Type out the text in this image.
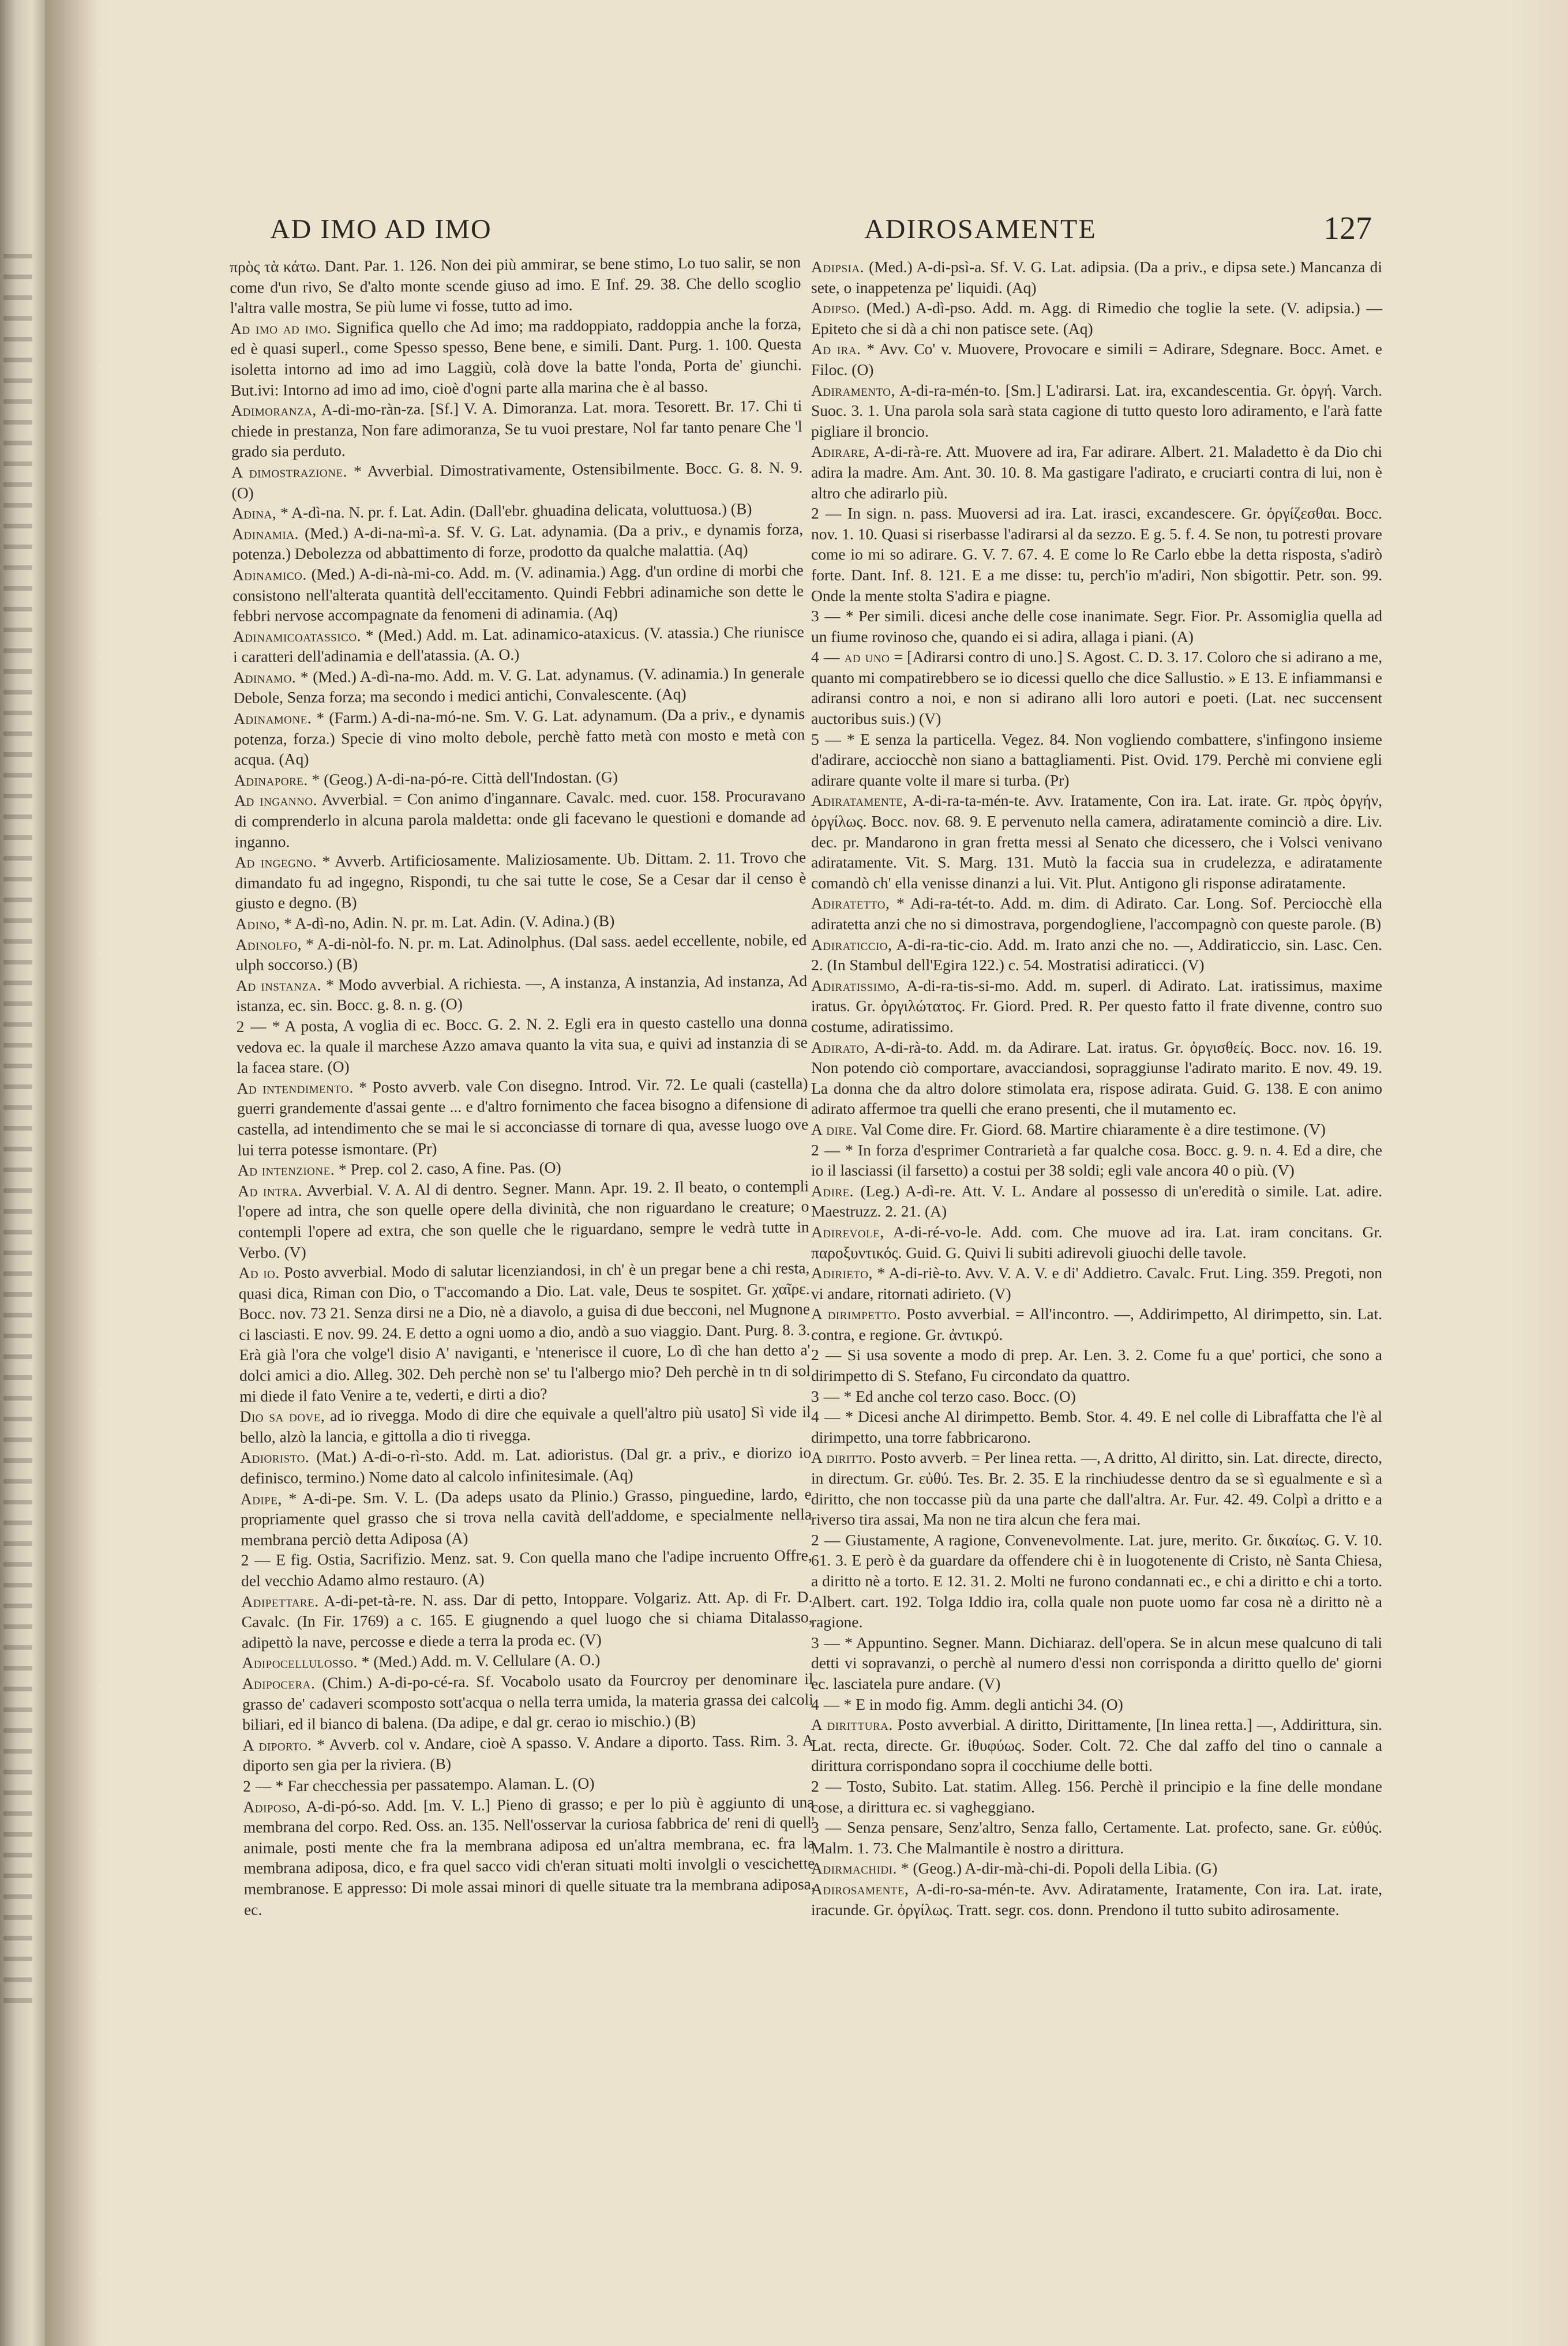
AD IMO AD IMO	ADIROSAMENTE	127

πρὸς τὰ κάτω. Dant. Par. 1. 126. Non dei più ammirar, se bene stimo, Lo tuo salir, se non come d'un rivo, Se d'alto monte scende giuso ad imo. E Inf. 29. 38. Che dello scoglio l'altra valle mostra, Se più lume vi fosse, tutto ad imo.

Ad imo ad imo. Significa quello che Ad imo; ma raddoppiato, raddoppia anche la forza, ed è quasi superl., come Spesso spesso, Bene bene, e simili. Dant. Purg. 1. 100. Questa isoletta intorno ad imo ad imo Laggiù, colà dove la batte l'onda, Porta de' giunchi. But.ivi: Intorno ad imo ad imo, cioè d'ogni parte alla marina che è al basso.

Adimoranza, A-di-mo-ràn-za. [Sf.] V. A. Dimoranza. Lat. mora. Tesorett. Br. 17. Chi ti chiede in prestanza, Non fare adimoranza, Se tu vuoi prestare, Nol far tanto penare Che 'l grado sia perduto.

A dimostrazione. * Avverbial. Dimostrativamente, Ostensibilmente. Bocc. G. 8. N. 9. (O)

Adina, * A-dì-na. N. pr. f. Lat. Adin. (Dall'ebr. ghuadina delicata, voluttuosa.) (B)

Adinamia. (Med.) A-di-na-mì-a. Sf. V. G. Lat. adynamia. (Da a priv., e dynamis forza, potenza.) Debolezza od abbattimento di forze, prodotto da qualche malattia. (Aq)

Adinamico. (Med.) A-di-nà-mi-co. Add. m. (V. adinamia.) Agg. d'un ordine di morbi che consistono nell'alterata quantità dell'eccitamento. Quindi Febbri adinamiche son dette le febbri nervose accompagnate da fenomeni di adinamia. (Aq)

Adinamicoatassico. * (Med.) Add. m. Lat. adinamico-ataxicus. (V. atassia.) Che riunisce i caratteri dell'adinamia e dell'atassia. (A. O.)

Adinamo. * (Med.) A-dì-na-mo. Add. m. V. G. Lat. adynamus. (V. adinamia.) In generale Debole, Senza forza; ma secondo i medici antichi, Convalescente. (Aq)

Adinamone. * (Farm.) A-di-na-mó-ne. Sm. V. G. Lat. adynamum. (Da a priv., e dynamis potenza, forza.) Specie di vino molto debole, perchè fatto metà con mosto e metà con acqua. (Aq)

Adinapore. * (Geog.) A-di-na-pó-re. Città dell'Indostan. (G)

Ad inganno. Avverbial. = Con animo d'ingannare. Cavalc. med. cuor. 158. Procuravano di comprenderlo in alcuna parola maldetta: onde gli facevano le questioni e domande ad inganno.

Ad ingegno. * Avverb. Artificiosamente. Maliziosamente. Ub. Dittam. 2. 11. Trovo che dimandato fu ad ingegno, Rispondi, tu che sai tutte le cose, Se a Cesar dar il censo è giusto e degno. (B)

Adino, * A-dì-no, Adin. N. pr. m. Lat. Adin. (V. Adina.) (B)

Adinolfo, * A-di-nòl-fo. N. pr. m. Lat. Adinolphus. (Dal sass. aedel eccellente, nobile, ed ulph soccorso.) (B)

Ad instanza. * Modo avverbial. A richiesta. —, A instanza, A instanzia, Ad instanza, Ad istanza, ec. sin. Bocc. g. 8. n. g. (O)

2 — * A posta, A voglia di ec. Bocc. G. 2. N. 2. Egli era in questo castello una donna vedova ec. la quale il marchese Azzo amava quanto la vita sua, e quivi ad instanzia di se la facea stare. (O)

Ad intendimento. * Posto avverb. vale Con disegno. Introd. Vir. 72. Le quali (castella) guerri grandemente d'assai gente ... e d'altro fornimento che facea bisogno a difensione di castella, ad intendimento che se mai le si acconciasse di tornare di qua, avesse luogo ove lui terra potesse ismontare. (Pr)

Ad intenzione. * Prep. col 2. caso, A fine. Pas. (O)

Ad intra. Avverbial. V. A. Al di dentro. Segner. Mann. Apr. 19. 2. Il beato, o contempli l'opere ad intra, che son quelle opere della divinità, che non riguardano le creature; o contempli l'opere ad extra, che son quelle che le riguardano, sempre le vedrà tutte in Verbo. (V)

Ad io. Posto avverbial. Modo di salutar licenziandosi, in ch' è un pregar bene a chi resta, quasi dica, Riman con Dio, o T'accomando a Dio. Lat. vale, Deus te sospitet. Gr. χαῖρε. Bocc. nov. 73 21. Senza dirsi ne a Dio, nè a diavolo, a guisa di due becconi, nel Mugnone ci lasciasti. E nov. 99. 24. E detto a ogni uomo a dio, andò a suo viaggio. Dant. Purg. 8. 3. Erà già l'ora che volge'l disio A' naviganti, e 'ntenerisce il cuore, Lo dì che han detto a' dolci amici a dio. Alleg. 302. Deh perchè non se' tu l'albergo mio? Deh perchè in tn di sol mi diede il fato Venire a te, vederti, e dirti a dio?

Dio sa dove, ad io rivegga. Modo di dire che equivale a quell'altro più usato] Sì vide il bello, alzò la lancia, e gittolla a dio ti rivegga.

Adioristo. (Mat.) A-di-o-rì-sto. Add. m. Lat. adioristus. (Dal gr. a priv., e diorizo io definisco, termino.) Nome dato al calcolo infinitesimale. (Aq)

Adipe, * A-di-pe. Sm. V. L. (Da adeps usato da Plinio.) Grasso, pinguedine, lardo, e propriamente quel grasso che si trova nella cavità dell'addome, e specialmente nella membrana perciò detta Adiposa (A)

2 — E fig. Ostia, Sacrifizio. Menz. sat. 9. Con quella mano che l'adipe incruento Offre, del vecchio Adamo almo restauro. (A)

Adipettare. A-di-pet-tà-re. N. ass. Dar di petto, Intoppare. Volgariz. Att. Ap. di Fr. D. Cavalc. (In Fir. 1769) a c. 165. E giugnendo a quel luogo che si chiama Ditalasso, adipettò la nave, percosse e diede a terra la proda ec. (V)

Adipocellulosso. * (Med.) Add. m. V. Cellulare (A. O.)

Adipocera. (Chim.) A-di-po-cé-ra. Sf. Vocabolo usato da Fourcroy per denominare il grasso de' cadaveri scomposto sott'acqua o nella terra umida, la materia grassa dei calcoli biliari, ed il bianco di balena. (Da adipe, e dal gr. cerao io mischio.) (B)

A diporto. * Avverb. col v. Andare, cioè A spasso. V. Andare a diporto. Tass. Rim. 3. A diporto sen gia per la riviera. (B)

2 — * Far checchessia per passatempo. Alaman. L. (O)

Adiposo, A-di-pó-so. Add. [m. V. L.] Pieno di grasso; e per lo più è aggiunto di una membrana del corpo. Red. Oss. an. 135. Nell'osservar la curiosa fabbrica de' reni di quell' animale, posti mente che fra la membrana adiposa ed un'altra membrana, ec. fra la membrana adiposa, dico, e fra quel sacco vidi ch'eran situati molti involgli o vescichette membranose. E appresso: Di mole assai minori di quelle situate tra la membrana adiposa, ec.

Adipsia. (Med.) A-di-psì-a. Sf. V. G. Lat. adipsia. (Da a priv., e dipsa sete.) Mancanza di sete, o inappetenza pe' liquidi. (Aq)

Adipso. (Med.) A-dì-pso. Add. m. Agg. di Rimedio che toglie la sete. (V. adipsia.) — Epiteto che si dà a chi non patisce sete. (Aq)

Ad ira. * Avv. Co' v. Muovere, Provocare e simili = Adirare, Sdegnare. Bocc. Amet. e Filoc. (O)

Adiramento, A-di-ra-mén-to. [Sm.] L'adirarsi. Lat. ira, excandescentia. Gr. ὀργή. Varch. Suoc. 3. 1. Una parola sola sarà stata cagione di tutto questo loro adiramento, e l'arà fatte pigliare il broncio.

Adirare, A-di-rà-re. Att. Muovere ad ira, Far adirare. Albert. 21. Maladetto è da Dio chi adira la madre. Am. Ant. 30. 10. 8. Ma gastigare l'adirato, e cruciarti contra di lui, non è altro che adirarlo più.

2 — In sign. n. pass. Muoversi ad ira. Lat. irasci, excandescere. Gr. ὀργίζεσθαι. Bocc. nov. 1. 10. Quasi si riserbasse l'adirarsi al da sezzo. E g. 5. f. 4. Se non, tu potresti provare come io mi so adirare. G. V. 7. 67. 4. E come lo Re Carlo ebbe la detta risposta, s'adirò forte. Dant. Inf. 8. 121. E a me disse: tu, perch'io m'adiri, Non sbigottir. Petr. son. 99. Onde la mente stolta S'adira e piagne.

3 — * Per simili. dicesi anche delle cose inanimate. Segr. Fior. Pr. Assomiglia quella ad un fiume rovinoso che, quando ei si adira, allaga i piani. (A)

4 — ad uno = [Adirarsi contro di uno.] S. Agost. C. D. 3. 17. Coloro che si adirano a me, quanto mi compatirebbero se io dicessi quello che dice Sallustio. » E 13. E infiammansi e adiransi contro a noi, e non si adirano alli loro autori e poeti. (Lat. nec succensent auctoribus suis.) (V)

5 — * E senza la particella. Vegez. 84. Non vogliendo combattere, s'infingono insieme d'adirare, acciocchè non siano a battagliamenti. Pist. Ovid. 179. Perchè mi conviene egli adirare quante volte il mare si turba. (Pr)

Adiratamente, A-di-ra-ta-mén-te. Avv. Iratamente, Con ira. Lat. irate. Gr. πρὸς ὀργήν, ὀργίλως. Bocc. nov. 68. 9. E pervenuto nella camera, adiratamente cominciò a dire. Liv. dec. pr. Mandarono in gran fretta messi al Senato che dicessero, che i Volsci venivano adiratamente. Vit. S. Marg. 131. Mutò la faccia sua in crudelezza, e adiratamente comandò ch' ella venisse dinanzi a lui. Vit. Plut. Antigono gli risponse adiratamente.

Adiratetto, * Adi-ra-tét-to. Add. m. dim. di Adirato. Car. Long. Sof. Perciocchè ella adiratetta anzi che no si dimostrava, porgendogliene, l'accompagnò con queste parole. (B)

Adiraticcio, A-di-ra-tic-cio. Add. m. Irato anzi che no. —, Addiraticcio, sin. Lasc. Cen. 2. (In Stambul dell'Egira 122.) c. 54. Mostratisi adiraticci. (V)

Adiratissimo, A-di-ra-tis-si-mo. Add. m. superl. di Adirato. Lat. iratissimus, maxime iratus. Gr. ὀργιλώτατος. Fr. Giord. Pred. R. Per questo fatto il frate divenne, contro suo costume, adiratissimo.

Adirato, A-di-rà-to. Add. m. da Adirare. Lat. iratus. Gr. ὀργισθείς. Bocc. nov. 16. 19. Non potendo ciò comportare, avacciandosi, sopraggiunse l'adirato marito. E nov. 49. 19. La donna che da altro dolore stimolata era, rispose adirata. Guid. G. 138. E con animo adirato affermoe tra quelli che erano presenti, che il mutamento ec.

A dire. Val Come dire. Fr. Giord. 68. Martire chiaramente è a dire testimone. (V)

2 — * In forza d'esprimer Contrarietà a far qualche cosa. Bocc. g. 9. n. 4. Ed a dire, che io il lasciassi (il farsetto) a costui per 38 soldi; egli vale ancora 40 o più. (V)

Adire. (Leg.) A-dì-re. Att. V. L. Andare al possesso di un'eredità o simile. Lat. adire. Maestruzz. 2. 21. (A)

Adirevole, A-di-ré-vo-le. Add. com. Che muove ad ira. Lat. iram concitans. Gr. παροξυντικός. Guid. G. Quivi li subiti adirevoli giuochi delle tavole.

Adirieto, * A-di-riè-to. Avv. V. A. V. e di' Addietro. Cavalc. Frut. Ling. 359. Pregoti, non vi andare, ritornati adirieto. (V)

A dirimpetto. Posto avverbial. = All'incontro. —, Addirimpetto, Al dirimpetto, sin. Lat. contra, e regione. Gr. ἀντικρύ.

2 — Si usa sovente a modo di prep. Ar. Len. 3. 2. Come fu a que' portici, che sono a dirimpetto di S. Stefano, Fu circondato da quattro.

3 — * Ed anche col terzo caso. Bocc. (O)

4 — * Dicesi anche Al dirimpetto. Bemb. Stor. 4. 49. E nel colle di Libraffatta che l'è al dirimpetto, una torre fabbricarono.

A diritto. Posto avverb. = Per linea retta. —, A dritto, Al diritto, sin. Lat. directe, directo, in directum. Gr. εὐθύ. Tes. Br. 2. 35. E la rinchiudesse dentro da se sì egualmente e sì a diritto, che non toccasse più da una parte che dall'altra. Ar. Fur. 42. 49. Colpì a dritto e a riverso tira assai, Ma non ne tira alcun che fera mai.

2 — Giustamente, A ragione, Convenevolmente. Lat. jure, merito. Gr. δικαίως. G. V. 10. 61. 3. E però è da guardare da offendere chi è in luogotenente di Cristo, nè Santa Chiesa, a diritto nè a torto. E 12. 31. 2. Molti ne furono condannati ec., e chi a diritto e chi a torto. Albert. cart. 192. Tolga Iddio ira, colla quale non puote uomo far cosa nè a diritto nè a ragione.

3 — * Appuntino. Segner. Mann. Dichiaraz. dell'opera. Se in alcun mese qualcuno di tali detti vi sopravanzi, o perchè al numero d'essi non corrisponda a diritto quello de' giorni ec. lasciatela pure andare. (V)

4 — * E in modo fig. Amm. degli antichi 34. (O)

A dirittura. Posto avverbial. A diritto, Dirittamente, [In linea retta.] —, Addirittura, sin. Lat. recta, directe. Gr. ἰθυφύως. Soder. Colt. 72. Che dal zaffo del tino o cannale a dirittura corrispondano sopra il cocchiume delle botti.

2 — Tosto, Subito. Lat. statim. Alleg. 156. Perchè il principio e la fine delle mondane cose, a dirittura ec. si vagheggiano.

3 — Senza pensare, Senz'altro, Senza fallo, Certamente. Lat. profecto, sane. Gr. εὐθύς. Malm. 1. 73. Che Malmantile è nostro a dirittura.

Adirmachidi. * (Geog.) A-dir-mà-chi-di. Popoli della Libia. (G)

Adirosamente, A-di-ro-sa-mén-te. Avv. Adiratamente, Iratamente, Con ira. Lat. irate, iracunde. Gr. ὀργίλως. Tratt. segr. cos. donn. Prendono il tutto subito adirosamente.
